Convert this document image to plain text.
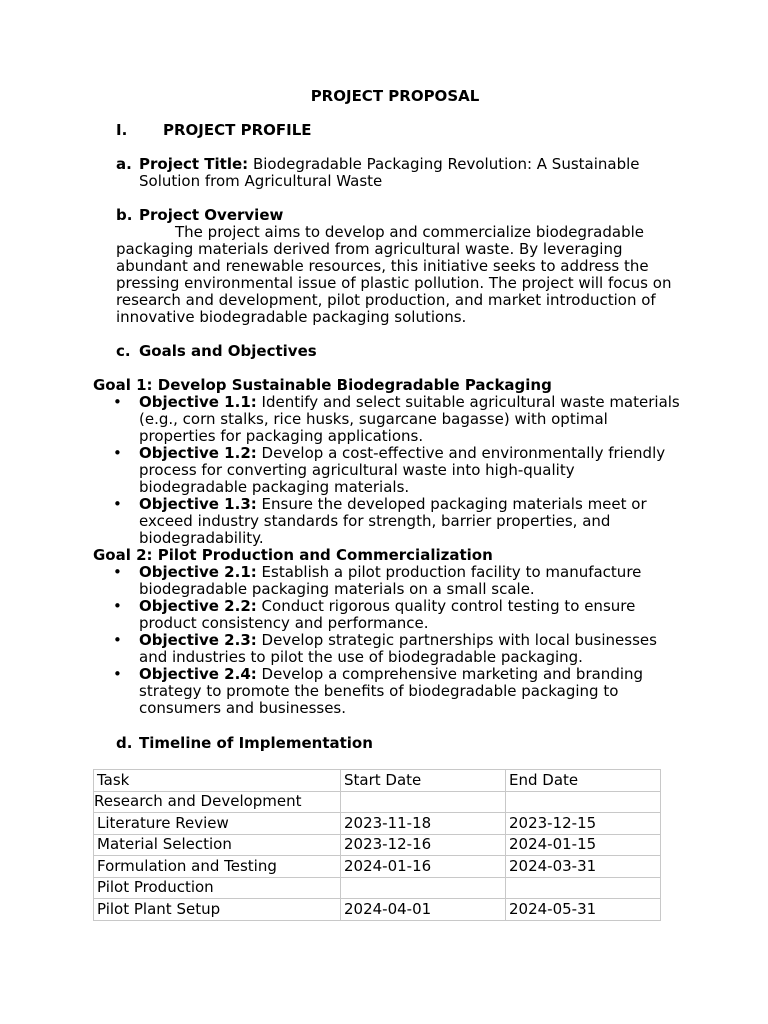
PROJECT PROPOSAL
I. PROJECT PROFILE
a. Project Title: Biodegradable Packaging Revolution: A Sustainable Solution from Agricultural Waste
b. Project Overview
The project aims to develop and commercialize biodegradable packaging materials derived from agricultural waste. By leveraging abundant and renewable resources, this initiative seeks to address the pressing environmental issue of plastic pollution. The project will focus on research and development, pilot production, and market introduction of innovative biodegradable packaging solutions.
c. Goals and Objectives
Goal 1: Develop Sustainable Biodegradable Packaging
• Objective 1.1: Identify and select suitable agricultural waste materials (e.g., corn stalks, rice husks, sugarcane bagasse) with optimal properties for packaging applications.
• Objective 1.2: Develop a cost-effective and environmentally friendly process for converting agricultural waste into high-quality biodegradable packaging materials.
• Objective 1.3: Ensure the developed packaging materials meet or exceed industry standards for strength, barrier properties, and biodegradability.
Goal 2: Pilot Production and Commercialization
• Objective 2.1: Establish a pilot production facility to manufacture biodegradable packaging materials on a small scale.
• Objective 2.2: Conduct rigorous quality control testing to ensure product consistency and performance.
• Objective 2.3: Develop strategic partnerships with local businesses and industries to pilot the use of biodegradable packaging.
• Objective 2.4: Develop a comprehensive marketing and branding strategy to promote the benefits of biodegradable packaging to consumers and businesses.
d. Timeline of Implementation
Task	Start Date	End Date
Research and Development		
Literature Review	2023-11-18	2023-12-15
Material Selection	2023-12-16	2024-01-15
Formulation and Testing	2024-01-16	2024-03-31
Pilot Production		
Pilot Plant Setup	2024-04-01	2024-05-31
